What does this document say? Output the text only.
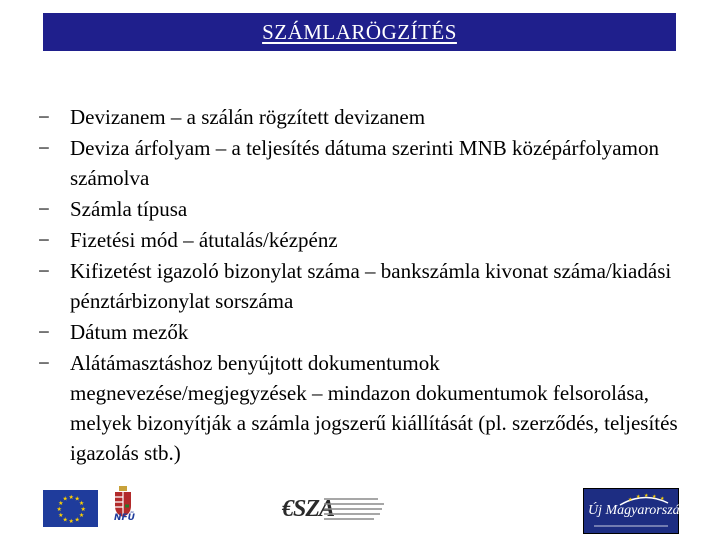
SZÁMLARÖGZÍTÉS
− Devizanem – a szálán rögzített devizanem
− Deviza árfolyam – a teljesítés dátuma szerinti MNB középárfolyamon számolva
− Számla típusa
− Fizetési mód – átutalás/kézpénz
− Kifizetést igazoló bizonylat száma – bankszámla kivonat száma/kiadási pénztárbizonylat sorszáma
− Dátum mezők
− Alátámasztáshoz benyújtott dokumentumok megnevezése/megjegyzések – mindazon dokumentumok felsorolása, melyek bizonyítják a számla jogszerű kiállítását (pl. szerződés, teljesítés igazolás stb.)
★ ★
★
★
★
★
★
★
★
★
★
★
NFÜ	€SZA	★ ★ ★ ★ ★
Új Magyarország
